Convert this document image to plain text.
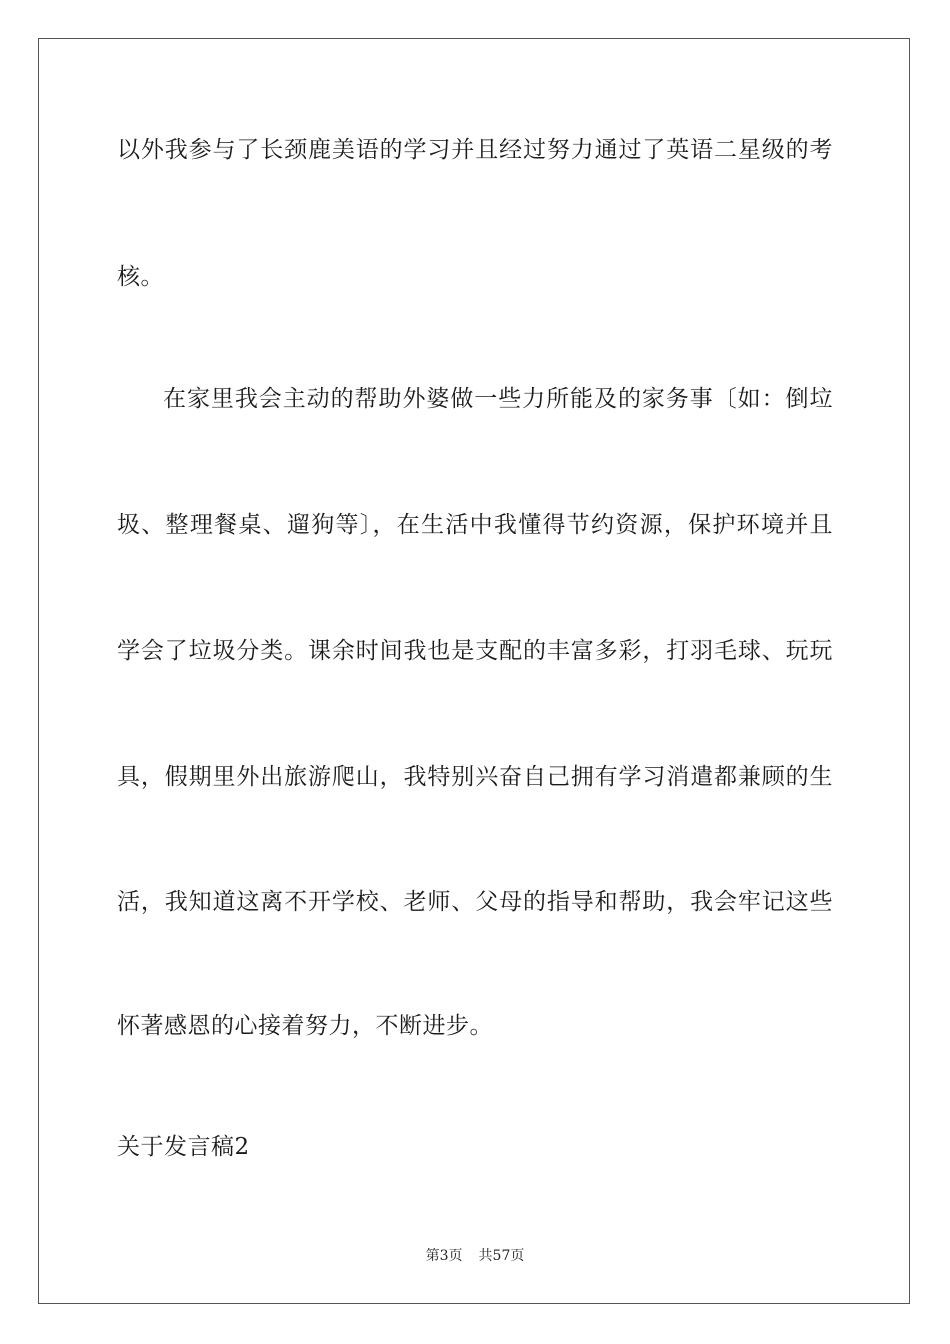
以外我参与了长颈鹿美语的学习并且经过努力通过了英语二星级的考
核。
在家里我会主动的帮助外婆做一些力所能及的家务事〔如：倒垃
圾、整理餐桌、遛狗等〕，在生活中我懂得节约资源，保护环境并且
学会了垃圾分类。课余时间我也是支配的丰富多彩，打羽毛球、玩玩
具，假期里外出旅游爬山，我特别兴奋自己拥有学习消遣都兼顾的生
活，我知道这离不开学校、老师、父母的指导和帮助，我会牢记这些
怀著感恩的心接着努力，不断进步。
关于发言稿2
第3页 共57页
